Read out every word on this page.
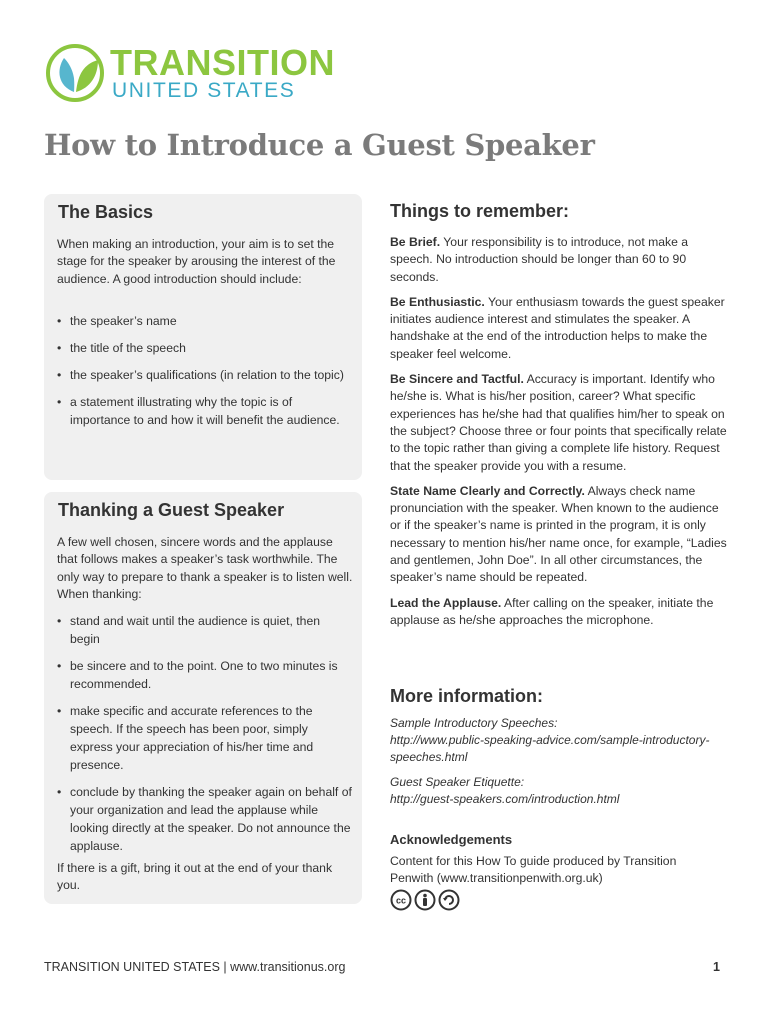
TRANSITION
UNITED STATES
How to Introduce a Guest Speaker
The Basics

When making an introduction, your aim is to set the stage for the speaker by arousing the interest of the audience. A good introduction should include:

• the speaker’s name
• the title of the speech
• the speaker’s qualifications (in relation to the topic)
• a statement illustrating why the topic is of importance to and how it will benefit the audience.
Thanking a Guest Speaker

A few well chosen, sincere words and the applause that follows makes a speaker’s task worthwhile. The only way to prepare to thank a speaker is to listen well. When thanking:

• stand and wait until the audience is quiet, then begin
• be sincere and to the point. One to two minutes is recommended.
• make specific and accurate references to the speech. If the speech has been poor, simply express your appreciation of his/her time and presence.
• conclude by thanking the speaker again on behalf of your organization and lead the applause while looking directly at the speaker. Do not announce the applause.

If there is a gift, bring it out at the end of your thank you.

Things to remember:

Be Brief. Your responsibility is to introduce, not make a speech. No introduction should be longer than 60 to 90 seconds.

Be Enthusiastic. Your enthusiasm towards the guest speaker initiates audience interest and stimulates the speaker. A handshake at the end of the introduction helps to make the speaker feel welcome.

Be Sincere and Tactful. Accuracy is important. Identify who he/she is. What is his/her position, career? What specific experiences has he/she had that qualifies him/her to speak on the subject? Choose three or four points that specifically relate to the topic rather than giving a complete life history. Request that the speaker provide you with a resume.

State Name Clearly and Correctly. Always check name pronunciation with the speaker. When known to the audience or if the speaker’s name is printed in the program, it is only necessary to mention his/her name once, for example, “Ladies and gentlemen, John Doe”. In all other circumstances, the speaker’s name should be repeated.

Lead the Applause. After calling on the speaker, initiate the applause as he/she approaches the microphone.

More information:

Sample Introductory Speeches:

http://www.public-speaking-advice.com/sample-introductory-speeches.html

Guest Speaker Etiquette:

http://guest-speakers.com/introduction.html

Acknowledgements

Content for this How To guide produced by Transition Penwith (www.transitionpenwith.org.uk)

cc
TRANSITION UNITED STATES | www.transitionus.org	1
